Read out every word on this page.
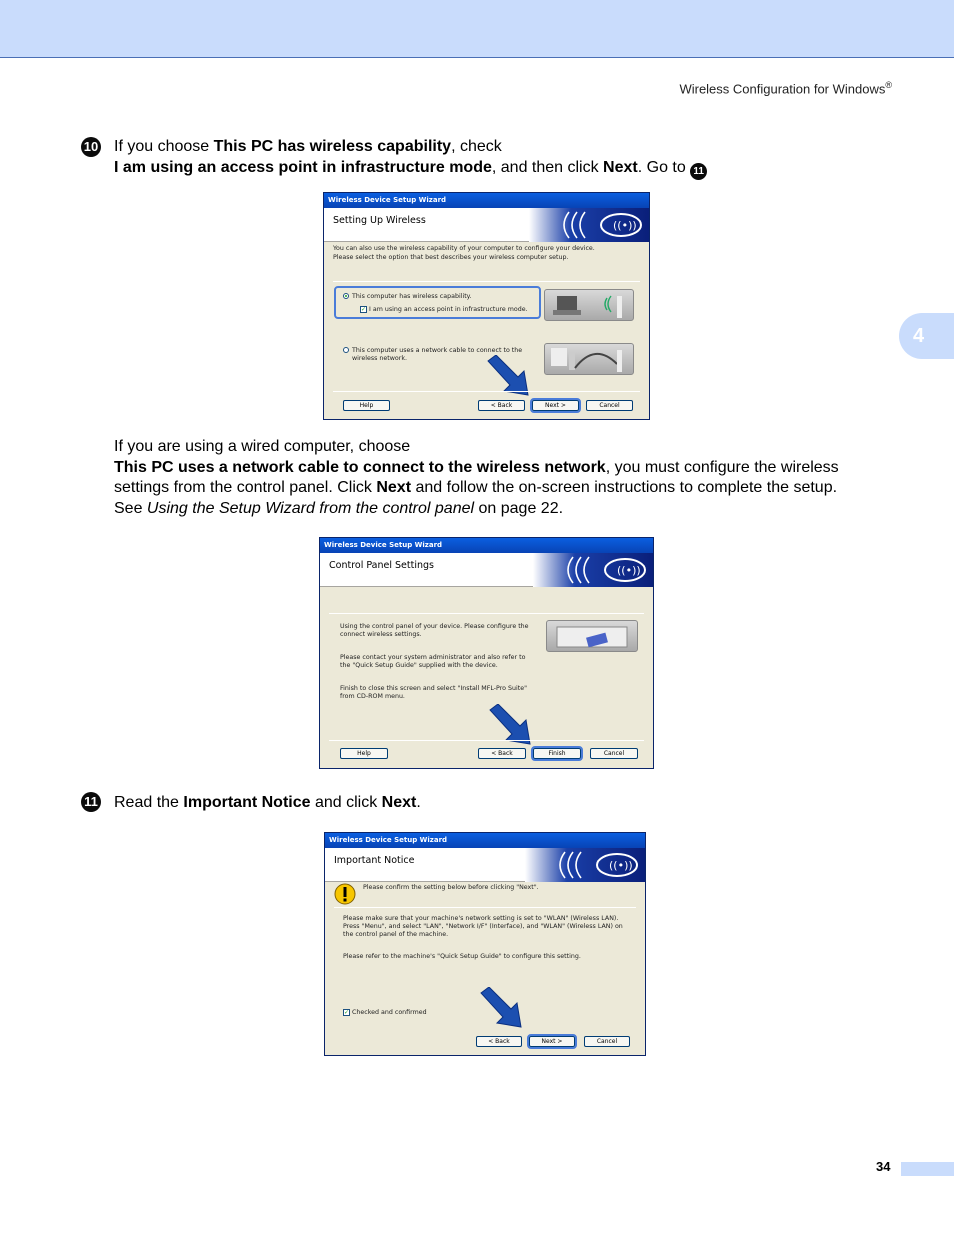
Wireless Configuration for Windows®
4
10 If you choose This PC has wireless capability, check
I am using an access point in infrastructure mode, and then click Next. Go to 11
Wireless Device Setup Wizard
Setting Up Wireless	((•))
You can also use the wireless capability of your computer to configure your device.
Please select the option that best describes your wireless computer setup.
This computer has wireless capability.
✓ I am using an access point in infrastructure mode.
This computer uses a network cable to connect to the
wireless network.
Help	< Back	Next >	Cancel
If you are using a wired computer, choose
This PC uses a network cable to connect to the wireless network, you must configure the wireless
settings from the control panel. Click Next and follow the on-screen instructions to complete the setup.
See Using the Setup Wizard from the control panel on page 22.
Wireless Device Setup Wizard
Control Panel Settings	((•))
Using the control panel of your device. Please configure the
connect wireless settings.
Please contact your system administrator and also refer to
the "Quick Setup Guide" supplied with the device.
Finish to close this screen and select "Install MFL-Pro Suite"
from CD-ROM menu.
Help	< Back	Finish	Cancel
11 Read the Important Notice and click Next.
Wireless Device Setup Wizard
Important Notice	((•))
Please confirm the setting below before clicking "Next".
Please make sure that your machine's network setting is set to "WLAN" (Wireless LAN).
Press "Menu", and select "LAN", "Network I/F" (Interface), and "WLAN" (Wireless LAN) on
the control panel of the machine.
Please refer to the machine's "Quick Setup Guide" to configure this setting.
✓ Checked and confirmed
< Back	Next >	Cancel
34
